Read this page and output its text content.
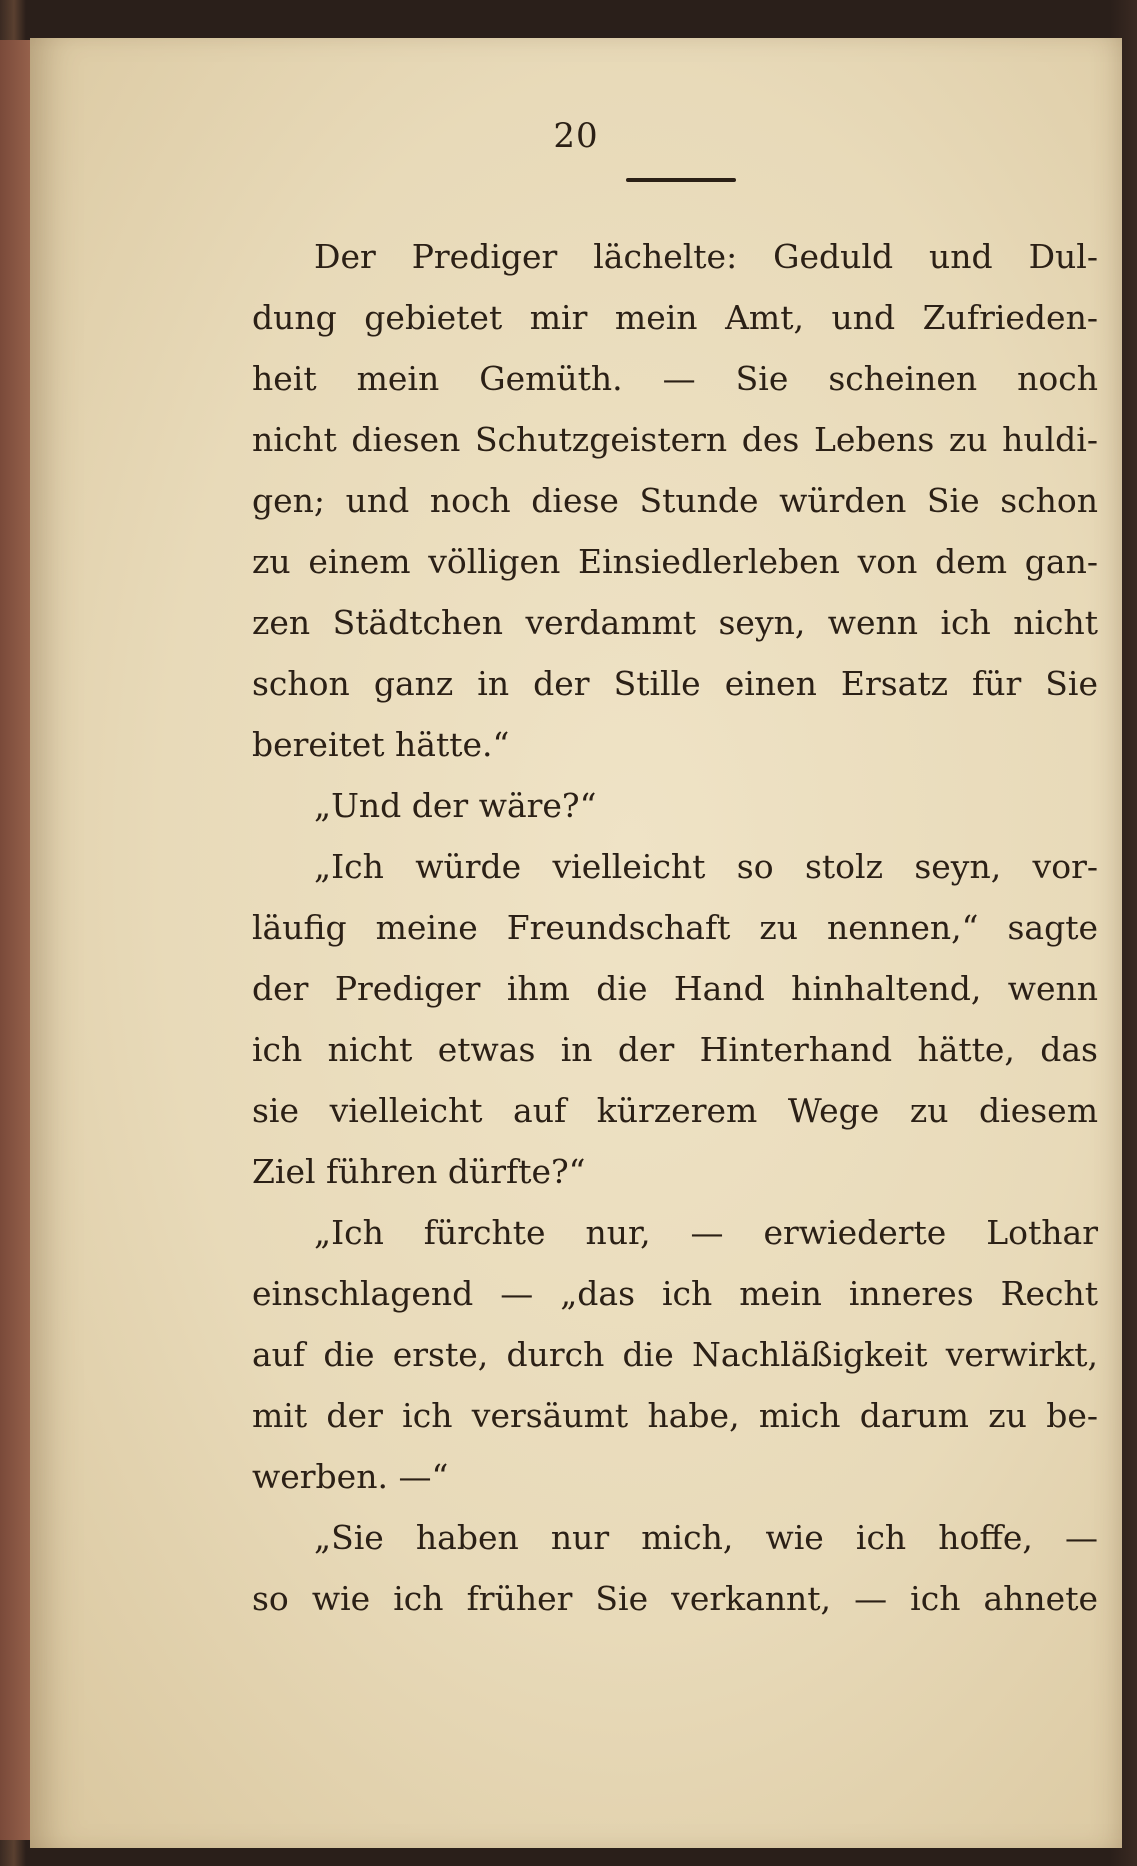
20
Der Prediger lächelte: Geduld und Dul-
dung gebietet mir mein Amt, und Zufrieden-
heit mein Gemüth. — Sie scheinen noch
nicht diesen Schutzgeistern des Lebens zu huldi-
gen; und noch diese Stunde würden Sie schon
zu einem völligen Einsiedlerleben von dem gan-
zen Städtchen verdammt seyn, wenn ich nicht
schon ganz in der Stille einen Ersatz für Sie
bereitet hätte.“
„Und der wäre?“
„Ich würde vielleicht so stolz seyn, vor-
läufig meine Freundschaft zu nennen,“ sagte
der Prediger ihm die Hand hinhaltend, wenn
ich nicht etwas in der Hinterhand hätte, das
sie vielleicht auf kürzerem Wege zu diesem
Ziel führen dürfte?“
„Ich fürchte nur, — erwiederte Lothar
einschlagend — „das ich mein inneres Recht
auf die erste, durch die Nachläßigkeit verwirkt,
mit der ich versäumt habe, mich darum zu be-
werben. —“
„Sie haben nur mich, wie ich hoffe, —
so wie ich früher Sie verkannt, — ich ahnete
